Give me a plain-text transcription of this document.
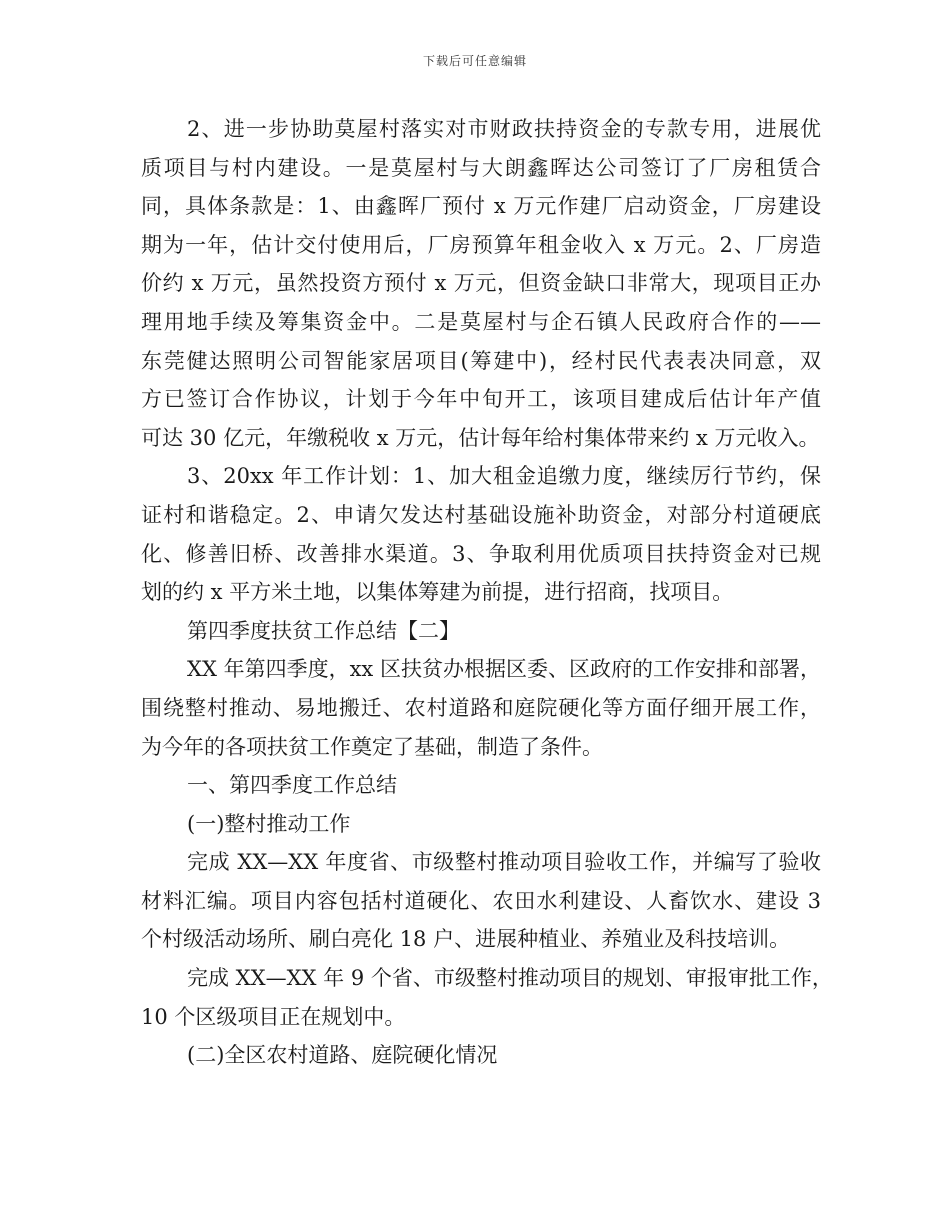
下载后可任意编辑
2、进一步协助莫屋村落实对市财政扶持资金的专款专用，进展优
质项目与村内建设。一是莫屋村与大朗鑫晖达公司签订了厂房租赁合
同，具体条款是：1、由鑫晖厂预付 x 万元作建厂启动资金，厂房建设
期为一年，估计交付使用后，厂房预算年租金收入 x 万元。2、厂房造
价约 x 万元，虽然投资方预付 x 万元，但资金缺口非常大，现项目正办
理用地手续及筹集资金中。二是莫屋村与企石镇人民政府合作的——
东莞健达照明公司智能家居项目(筹建中)，经村民代表表决同意，双
方已签订合作协议，计划于今年中旬开工，该项目建成后估计年产值
可达 30 亿元，年缴税收 x 万元，估计每年给村集体带来约 x 万元收入。
3、20xx 年工作计划：1、加大租金追缴力度，继续厉行节约，保
证村和谐稳定。2、申请欠发达村基础设施补助资金，对部分村道硬底
化、修善旧桥、改善排水渠道。3、争取利用优质项目扶持资金对已规
划的约 x 平方米土地，以集体筹建为前提，进行招商，找项目。
第四季度扶贫工作总结【二】
XX 年第四季度，xx 区扶贫办根据区委、区政府的工作安排和部署，
围绕整村推动、易地搬迁、农村道路和庭院硬化等方面仔细开展工作，
为今年的各项扶贫工作奠定了基础，制造了条件。
一、第四季度工作总结
(一)整村推动工作
完成 XX—XX 年度省、市级整村推动项目验收工作，并编写了验收
材料汇编。项目内容包括村道硬化、农田水利建设、人畜饮水、建设 3
个村级活动场所、刷白亮化 18 户、进展种植业、养殖业及科技培训。
完成 XX—XX 年 9 个省、市级整村推动项目的规划、审报审批工作，
10 个区级项目正在规划中。
(二)全区农村道路、庭院硬化情况
